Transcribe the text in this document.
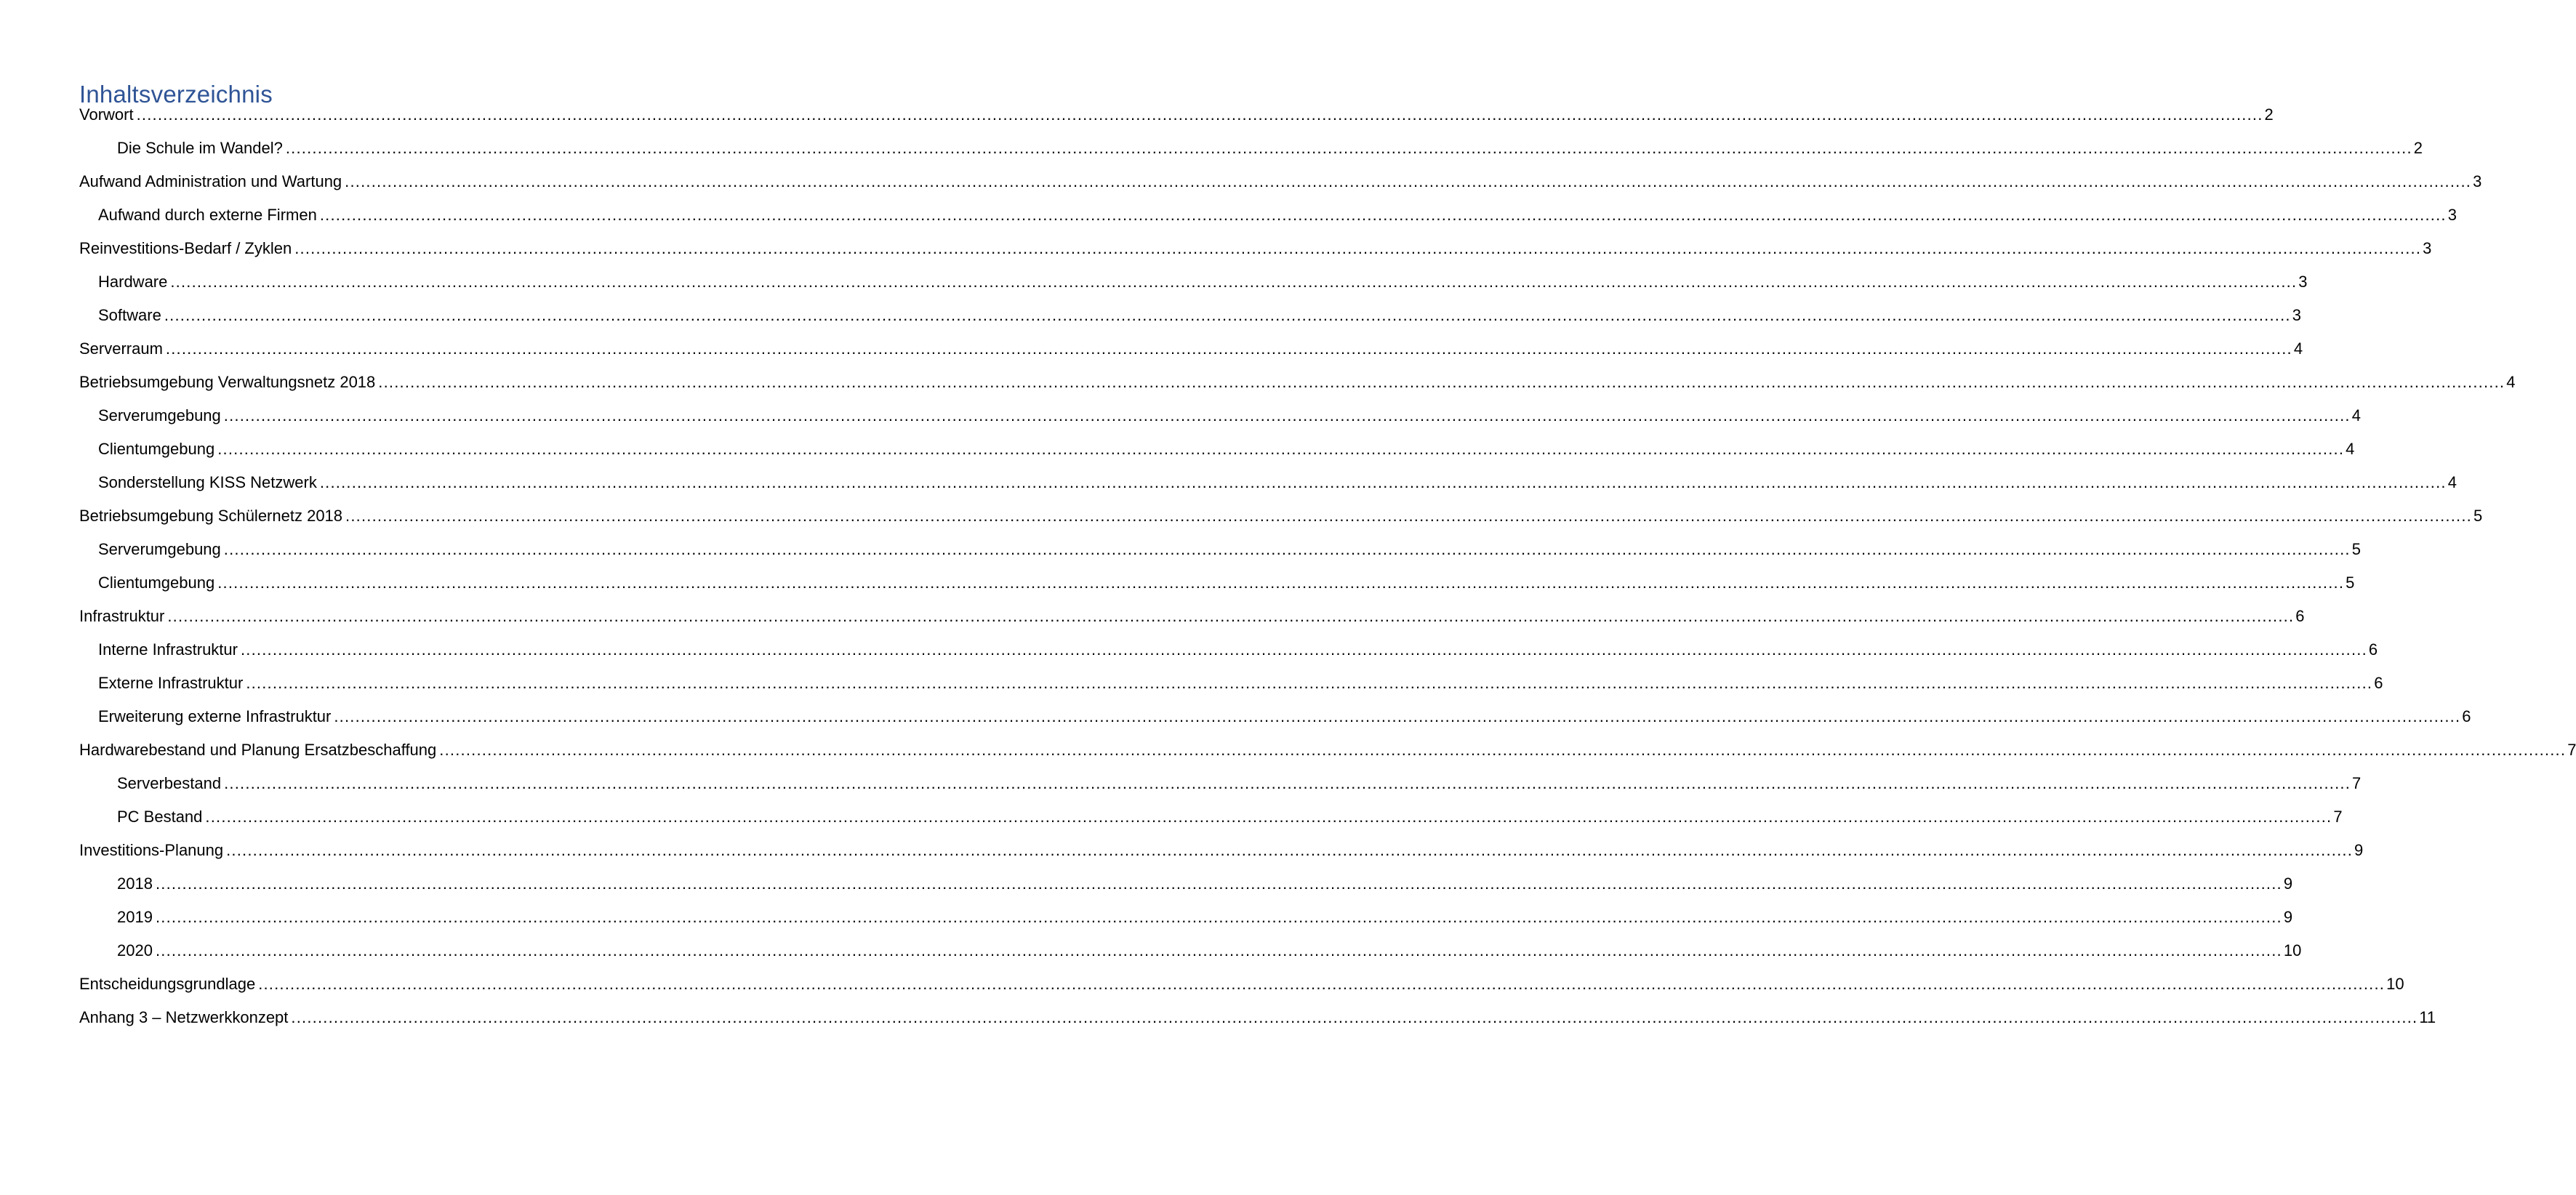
Inhaltsverzeichnis
Vorwort ................................................................................................................................................................................................................................................................................................................................................................................................................ 2
Die Schule im Wandel? ................................................................................................................................................................................................................................................................................................................................................................................................................ 2
Aufwand Administration und Wartung ................................................................................................................................................................................................................................................................................................................................................................................................................ 3
Aufwand durch externe Firmen ................................................................................................................................................................................................................................................................................................................................................................................................................ 3
Reinvestitions-Bedarf / Zyklen ................................................................................................................................................................................................................................................................................................................................................................................................................ 3
Hardware ................................................................................................................................................................................................................................................................................................................................................................................................................ 3
Software ................................................................................................................................................................................................................................................................................................................................................................................................................ 3
Serverraum ................................................................................................................................................................................................................................................................................................................................................................................................................ 4
Betriebsumgebung Verwaltungsnetz 2018 ................................................................................................................................................................................................................................................................................................................................................................................................................ 4
Serverumgebung ................................................................................................................................................................................................................................................................................................................................................................................................................ 4
Clientumgebung ................................................................................................................................................................................................................................................................................................................................................................................................................ 4
Sonderstellung KISS Netzwerk ................................................................................................................................................................................................................................................................................................................................................................................................................ 4
Betriebsumgebung Schülernetz 2018 ................................................................................................................................................................................................................................................................................................................................................................................................................ 5
Serverumgebung ................................................................................................................................................................................................................................................................................................................................................................................................................ 5
Clientumgebung ................................................................................................................................................................................................................................................................................................................................................................................................................ 5
Infrastruktur ................................................................................................................................................................................................................................................................................................................................................................................................................ 6
Interne Infrastruktur ................................................................................................................................................................................................................................................................................................................................................................................................................ 6
Externe Infrastruktur ................................................................................................................................................................................................................................................................................................................................................................................................................ 6
Erweiterung externe Infrastruktur ................................................................................................................................................................................................................................................................................................................................................................................................................ 6
Hardwarebestand und Planung Ersatzbeschaffung ................................................................................................................................................................................................................................................................................................................................................................................................................ 7
Serverbestand ................................................................................................................................................................................................................................................................................................................................................................................................................ 7
PC Bestand ................................................................................................................................................................................................................................................................................................................................................................................................................ 7
Investitions-Planung ................................................................................................................................................................................................................................................................................................................................................................................................................ 9
2018 ................................................................................................................................................................................................................................................................................................................................................................................................................ 9
2019 ................................................................................................................................................................................................................................................................................................................................................................................................................ 9
2020 ................................................................................................................................................................................................................................................................................................................................................................................................................ 10
Entscheidungsgrundlage ................................................................................................................................................................................................................................................................................................................................................................................................................ 10
Anhang 3 – Netzwerkkonzept ................................................................................................................................................................................................................................................................................................................................................................................................................ 11
